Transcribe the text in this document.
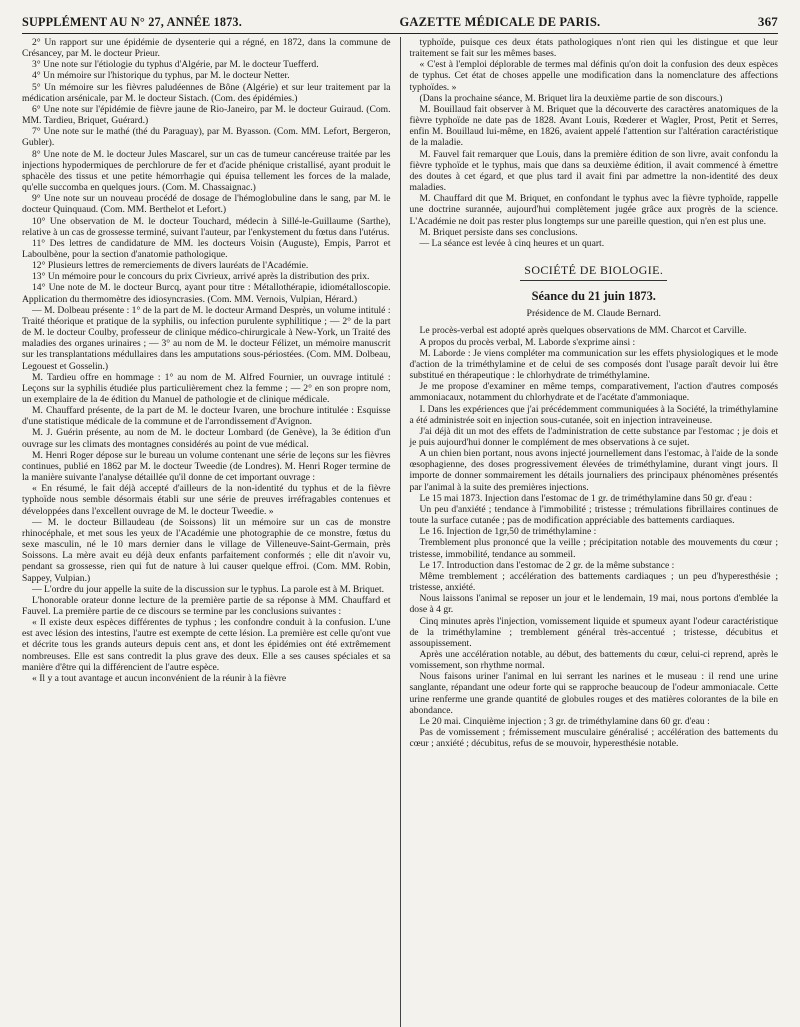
SUPPLÉMENT AU N° 27, ANNÉE 1873.	GAZETTE MÉDICALE DE PARIS.	367

2° Un rapport sur une épidémie de dysenterie qui a régné, en 1872, dans la commune de Crésancey, par M. le docteur Prieur.

3° Une note sur l'étiologie du typhus d'Algérie, par M. le docteur Tuefferd.

4° Un mémoire sur l'historique du typhus, par M. le docteur Netter.

5° Un mémoire sur les fièvres paludéennes de Bône (Algérie) et sur leur traitement par la médication arsénicale, par M. le docteur Sistach. (Com. des épidémies.)

6° Une note sur l'épidémie de fièvre jaune de Rio-Janeiro, par M. le docteur Guiraud. (Com. MM. Tardieu, Briquet, Guérard.)

7° Une note sur le mathé (thé du Paraguay), par M. Byasson. (Com. MM. Lefort, Bergeron, Gubler).

8° Une note de M. le docteur Jules Mascarel, sur un cas de tumeur cancéreuse traitée par les injections hypodermiques de perchlorure de fer et d'acide phénique cristallisé, ayant produit le sphacèle des tissus et une petite hémorrhagie qui épuisa tellement les forces de la malade, qu'elle succomba en quelques jours. (Com. M. Chassaignac.)

9° Une note sur un nouveau procédé de dosage de l'hémoglobuline dans le sang, par M. le docteur Quinquaud. (Com. MM. Berthelot et Lefort.)

10° Une observation de M. le docteur Touchard, médecin à Sillé-le-Guillaume (Sarthe), relative à un cas de grossesse terminé, suivant l'auteur, par l'enkystement du fœtus dans l'utérus.

11° Des lettres de candidature de MM. les docteurs Voisin (Auguste), Empis, Parrot et Laboulbène, pour la section d'anatomie pathologique.

12° Plusieurs lettres de remerciements de divers lauréats de l'Académie.

13° Un mémoire pour le concours du prix Civrieux, arrivé après la distribution des prix.

14° Une note de M. le docteur Burcq, ayant pour titre : Métallothérapie, idiométalloscopie. Application du thermomètre des idiosyncrasies. (Com. MM. Vernois, Vulpian, Hérard.)

— M. Dolbeau présente : 1° de la part de M. le docteur Armand Desprès, un volume intitulé : Traité théorique et pratique de la syphilis, ou infection purulente syphilitique ; — 2° de la part de M. le docteur Coulby, professeur de clinique médico-chirurgicale à New-York, un Traité des maladies des organes urinaires ; — 3° au nom de M. le docteur Félizet, un mémoire manuscrit sur les transplantations médullaires dans les amputations sous-périostées. (Com. MM. Dolbeau, Legouest et Gosselin.)

M. Tardieu offre en hommage : 1° au nom de M. Alfred Fournier, un ouvrage intitulé : Leçons sur la syphilis étudiée plus particulièrement chez la femme ; — 2° en son propre nom, un exemplaire de la 4e édition du Manuel de pathologie et de clinique médicale.

M. Chauffard présente, de la part de M. le docteur Ivaren, une brochure intitulée : Esquisse d'une statistique médicale de la commune et de l'arrondissement d'Avignon.

M. J. Guérin présente, au nom de M. le docteur Lombard (de Genève), la 3e édition d'un ouvrage sur les climats des montagnes considérés au point de vue médical.

M. Henri Roger dépose sur le bureau un volume contenant une série de leçons sur les fièvres continues, publié en 1862 par M. le docteur Tweedie (de Londres). M. Henri Roger termine de la manière suivante l'analyse détaillée qu'il donne de cet important ouvrage :

« En résumé, le fait déjà accepté d'ailleurs de la non-identité du typhus et de la fièvre typhoïde nous semble désormais établi sur une série de preuves irréfragables contenues et développées dans l'excellent ouvrage de M. le docteur Tweedie. »

— M. le docteur Billaudeau (de Soissons) lit un mémoire sur un cas de monstre rhinocéphale, et met sous les yeux de l'Académie une photographie de ce monstre, fœtus du sexe masculin, né le 10 mars dernier dans le village de Villeneuve-Saint-Germain, près Soissons. La mère avait eu déjà deux enfants parfaitement conformés ; elle dit n'avoir vu, pendant sa grossesse, rien qui fut de nature à lui causer quelque effroi. (Com. MM. Robin, Sappey, Vulpian.)

— L'ordre du jour appelle la suite de la discussion sur le typhus. La parole est à M. Briquet.

L'honorable orateur donne lecture de la première partie de sa réponse à MM. Chauffard et Fauvel. La première partie de ce discours se termine par les conclusions suivantes :

« Il existe deux espèces différentes de typhus ; les confondre conduit à la confusion. L'une est avec lésion des intestins, l'autre est exempte de cette lésion. La première est celle qu'ont vue et décrite tous les grands auteurs depuis cent ans, et dont les épidémies ont été extrêmement nombreuses. Elle est sans contredit la plus grave des deux. Elle a ses causes spéciales et sa manière d'être qui la différencient de l'autre espèce.

« Il y a tout avantage et aucun inconvénient de la réunir à la fièvre

typhoïde, puisque ces deux états pathologiques n'ont rien qui les distingue et que leur traitement se fait sur les mêmes bases.

« C'est à l'emploi déplorable de termes mal définis qu'on doit la confusion des deux espèces de typhus. Cet état de choses appelle une modification dans la nomenclature des affections typhoïdes. »

(Dans la prochaine séance, M. Briquet lira la deuxième partie de son discours.)

M. Bouillaud fait observer à M. Briquet que la découverte des caractères anatomiques de la fièvre typhoïde ne date pas de 1828. Avant Louis, Rœderer et Wagler, Prost, Petit et Serres, enfin M. Bouillaud lui-même, en 1826, avaient appelé l'attention sur l'altération caractéristique de la maladie.

M. Fauvel fait remarquer que Louis, dans la première édition de son livre, avait confondu la fièvre typhoïde et le typhus, mais que dans sa deuxième édition, il avait commencé à émettre des doutes à cet égard, et que plus tard il avait fini par admettre la non-identité des deux maladies.

M. Chauffard dit que M. Briquet, en confondant le typhus avec la fièvre typhoïde, rappelle une doctrine surannée, aujourd'hui complètement jugée grâce aux progrès de la science. L'Académie ne doit pas rester plus longtemps sur une pareille question, qui n'en est plus une.

M. Briquet persiste dans ses conclusions.

— La séance est levée à cinq heures et un quart.

SOCIÉTÉ DE BIOLOGIE.
Séance du 21 juin 1873.
Présidence de M. Claude Bernard.

Le procès-verbal est adopté après quelques observations de MM. Charcot et Carville.

A propos du procès verbal, M. Laborde s'exprime ainsi :

M. Laborde : Je viens compléter ma communication sur les effets physiologiques et le mode d'action de la triméthylamine et de celui de ses composés dont l'usage paraît devoir lui être substitué en thérapeutique : le chlorhydrate de triméthylamine.

Je me propose d'examiner en même temps, comparativement, l'action d'autres composés ammoniacaux, notamment du chlorhydrate et de l'acétate d'ammoniaque.

I. Dans les expériences que j'ai précédemment communiquées à la Société, la triméthylamine a été administrée soit en injection sous-cutanée, soit en injection intraveineuse.

J'ai déjà dit un mot des effets de l'administration de cette substance par l'estomac ; je dois et je puis aujourd'hui donner le complément de mes observations à ce sujet.

A un chien bien portant, nous avons injecté journellement dans l'estomac, à l'aide de la sonde œsophagienne, des doses progressivement élevées de triméthylamine, durant vingt jours. Il importe de donner sommairement les détails journaliers des principaux phénomènes présentés par l'animal à la suite des premières injections.

Le 15 mai 1873. Injection dans l'estomac de 1 gr. de triméthylamine dans 50 gr. d'eau :

Un peu d'anxiété ; tendance à l'immobilité ; tristesse ; trémulations fibrillaires continues de toute la surface cutanée ; pas de modification appréciable des battements cardiaques.

Le 16. Injection de 1gr,50 de triméthylamine :

Tremblement plus prononcé que la veille ; précipitation notable des mouvements du cœur ; tristesse, immobilité, tendance au sommeil.

Le 17. Introduction dans l'estomac de 2 gr. de la même substance :

Même tremblement ; accélération des battements cardiaques ; un peu d'hyperesthésie ; tristesse, anxiété.

Nous laissons l'animal se reposer un jour et le lendemain, 19 mai, nous portons d'emblée la dose à 4 gr.

Cinq minutes après l'injection, vomissement liquide et spumeux ayant l'odeur caractéristique de la triméthylamine ; tremblement général très-accentué ; tristesse, décubitus et assoupissement.

Après une accélération notable, au début, des battements du cœur, celui-ci reprend, après le vomissement, son rhythme normal.

Nous faisons uriner l'animal en lui serrant les narines et le museau : il rend une urine sanglante, répandant une odeur forte qui se rapproche beaucoup de l'odeur ammoniacale. Cette urine renferme une grande quantité de globules rouges et des matières colorantes de la bile en abondance.

Le 20 mai. Cinquième injection ; 3 gr. de triméthylamine dans 60 gr. d'eau :

Pas de vomissement ; frémissement musculaire généralisé ; accélération des battements du cœur ; anxiété ; décubitus, refus de se mouvoir, hyperesthésie notable.
